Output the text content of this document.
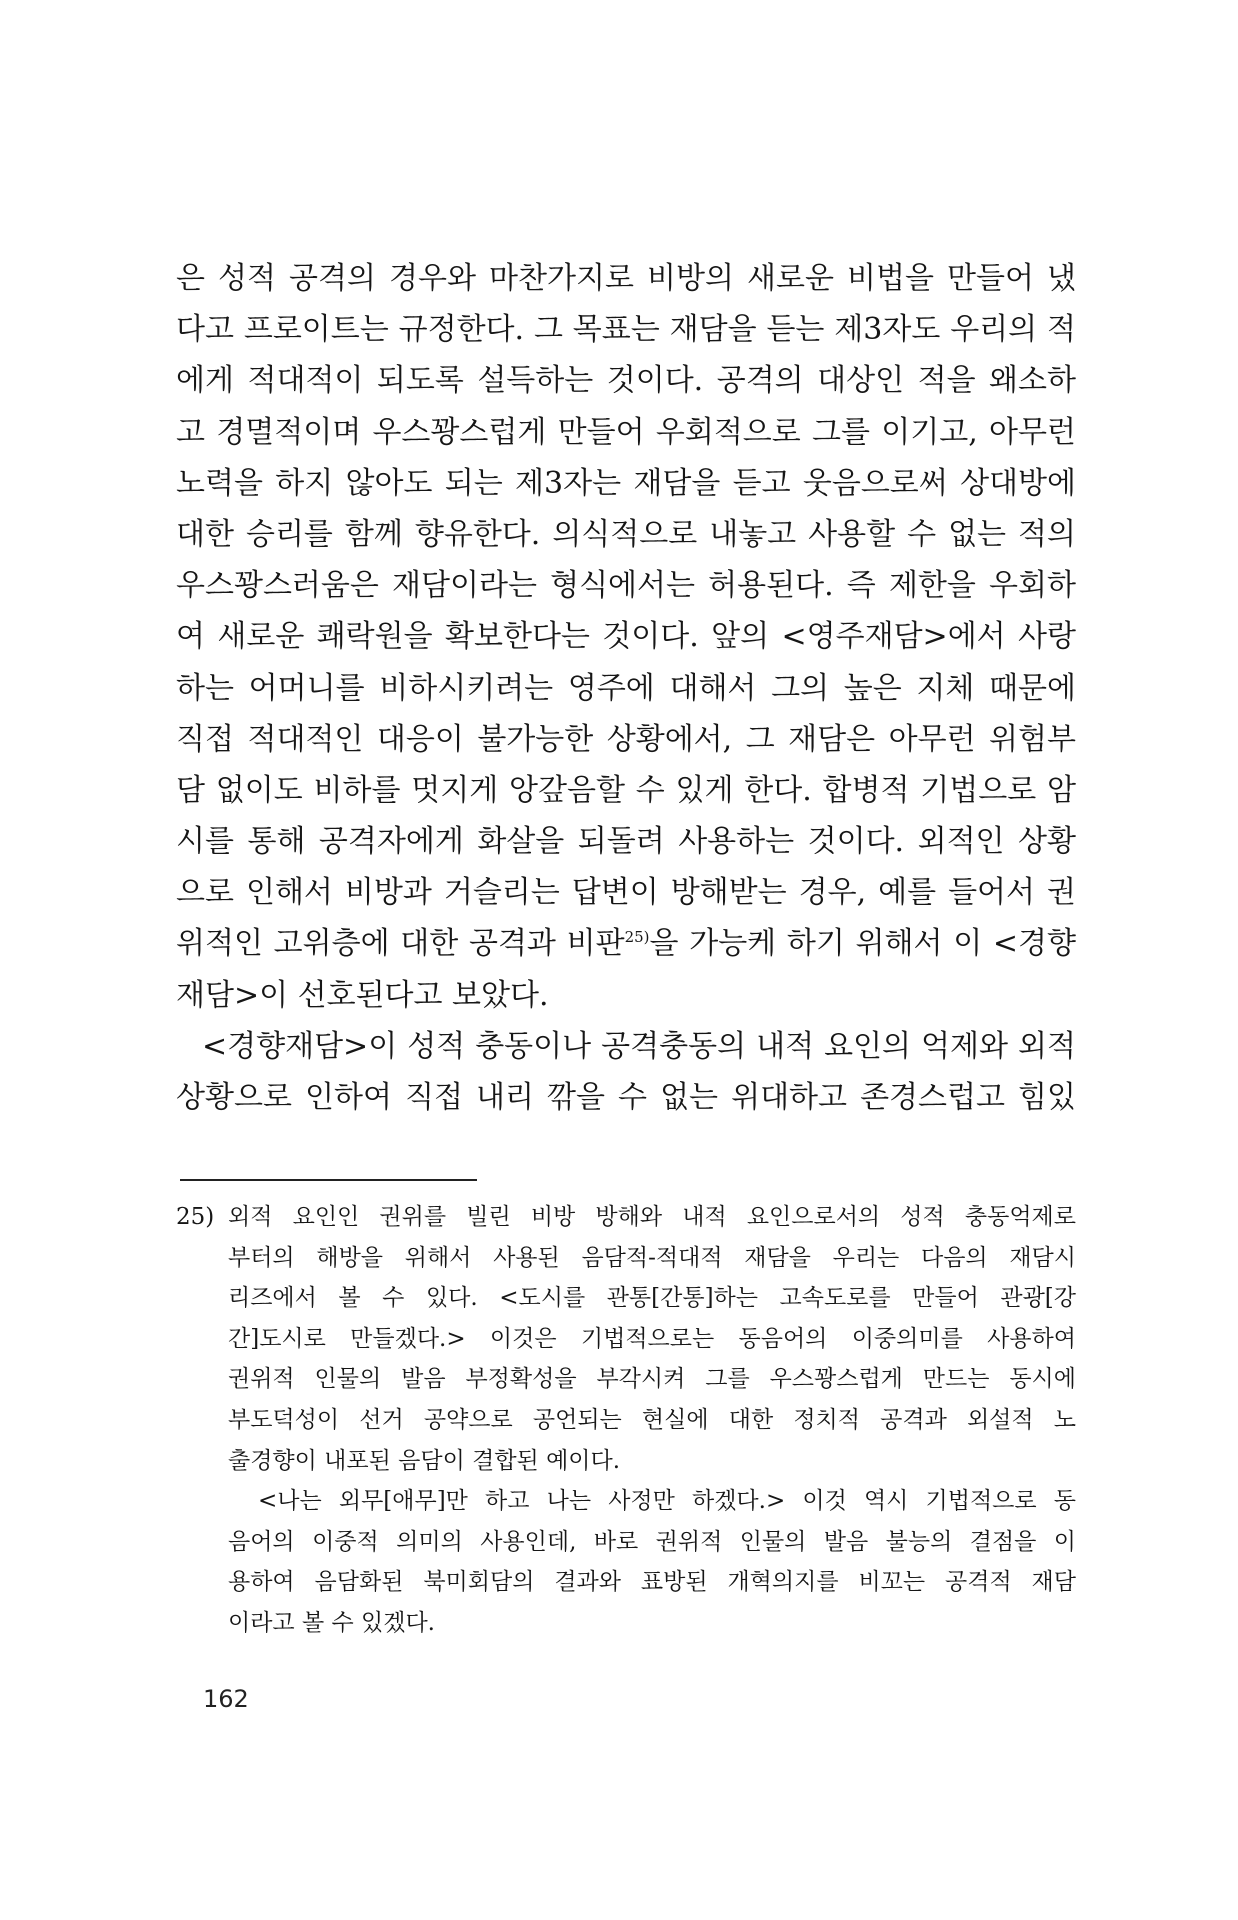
은 성적 공격의 경우와 마찬가지로 비방의 새로운 비법을 만들어 냈
다고 프로이트는 규정한다. 그 목표는 재담을 듣는 제3자도 우리의 적
에게 적대적이 되도록 설득하는 것이다. 공격의 대상인 적을 왜소하
고 경멸적이며 우스꽝스럽게 만들어 우회적으로 그를 이기고, 아무런
노력을 하지 않아도 되는 제3자는 재담을 듣고 웃음으로써 상대방에
대한 승리를 함께 향유한다. 의식적으로 내놓고 사용할 수 없는 적의
우스꽝스러움은 재담이라는 형식에서는 허용된다. 즉 제한을 우회하
여 새로운 쾌락원을 확보한다는 것이다. 앞의 <영주재담>에서 사랑
하는 어머니를 비하시키려는 영주에 대해서 그의 높은 지체 때문에
직접 적대적인 대응이 불가능한 상황에서, 그 재담은 아무런 위험부
담 없이도 비하를 멋지게 앙갚음할 수 있게 한다. 합병적 기법으로 암
시를 통해 공격자에게 화살을 되돌려 사용하는 것이다. 외적인 상황
으로 인해서 비방과 거슬리는 답변이 방해받는 경우, 예를 들어서 권
위적인 고위층에 대한 공격과 비판$^{25)}$을 가능케 하기 위해서 이 <경향
재담>이 선호된다고 보았다.
<경향재담>이 성적 충동이나 공격충동의 내적 요인의 억제와 외적
상황으로 인하여 직접 내리 깎을 수 없는 위대하고 존경스럽고 힘있
25) 외적 요인인 권위를 빌린 비방 방해와 내적 요인으로서의 성적 충동억제로
부터의 해방을 위해서 사용된 음담적-적대적 재담을 우리는 다음의 재담시
리즈에서 볼 수 있다. <도시를 관통[간통]하는 고속도로를 만들어 관광[강
간]도시로 만들겠다.> 이것은 기법적으로는 동음어의 이중의미를 사용하여
권위적 인물의 발음 부정확성을 부각시켜 그를 우스꽝스럽게 만드는 동시에
부도덕성이 선거 공약으로 공언되는 현실에 대한 정치적 공격과 외설적 노
출경향이 내포된 음담이 결합된 예이다.
<나는 외무[애무]만 하고 나는 사정만 하겠다.> 이것 역시 기법적으로 동
음어의 이중적 의미의 사용인데, 바로 권위적 인물의 발음 불능의 결점을 이
용하여 음담화된 북미회담의 결과와 표방된 개혁의지를 비꼬는 공격적 재담
이라고 볼 수 있겠다.
162
